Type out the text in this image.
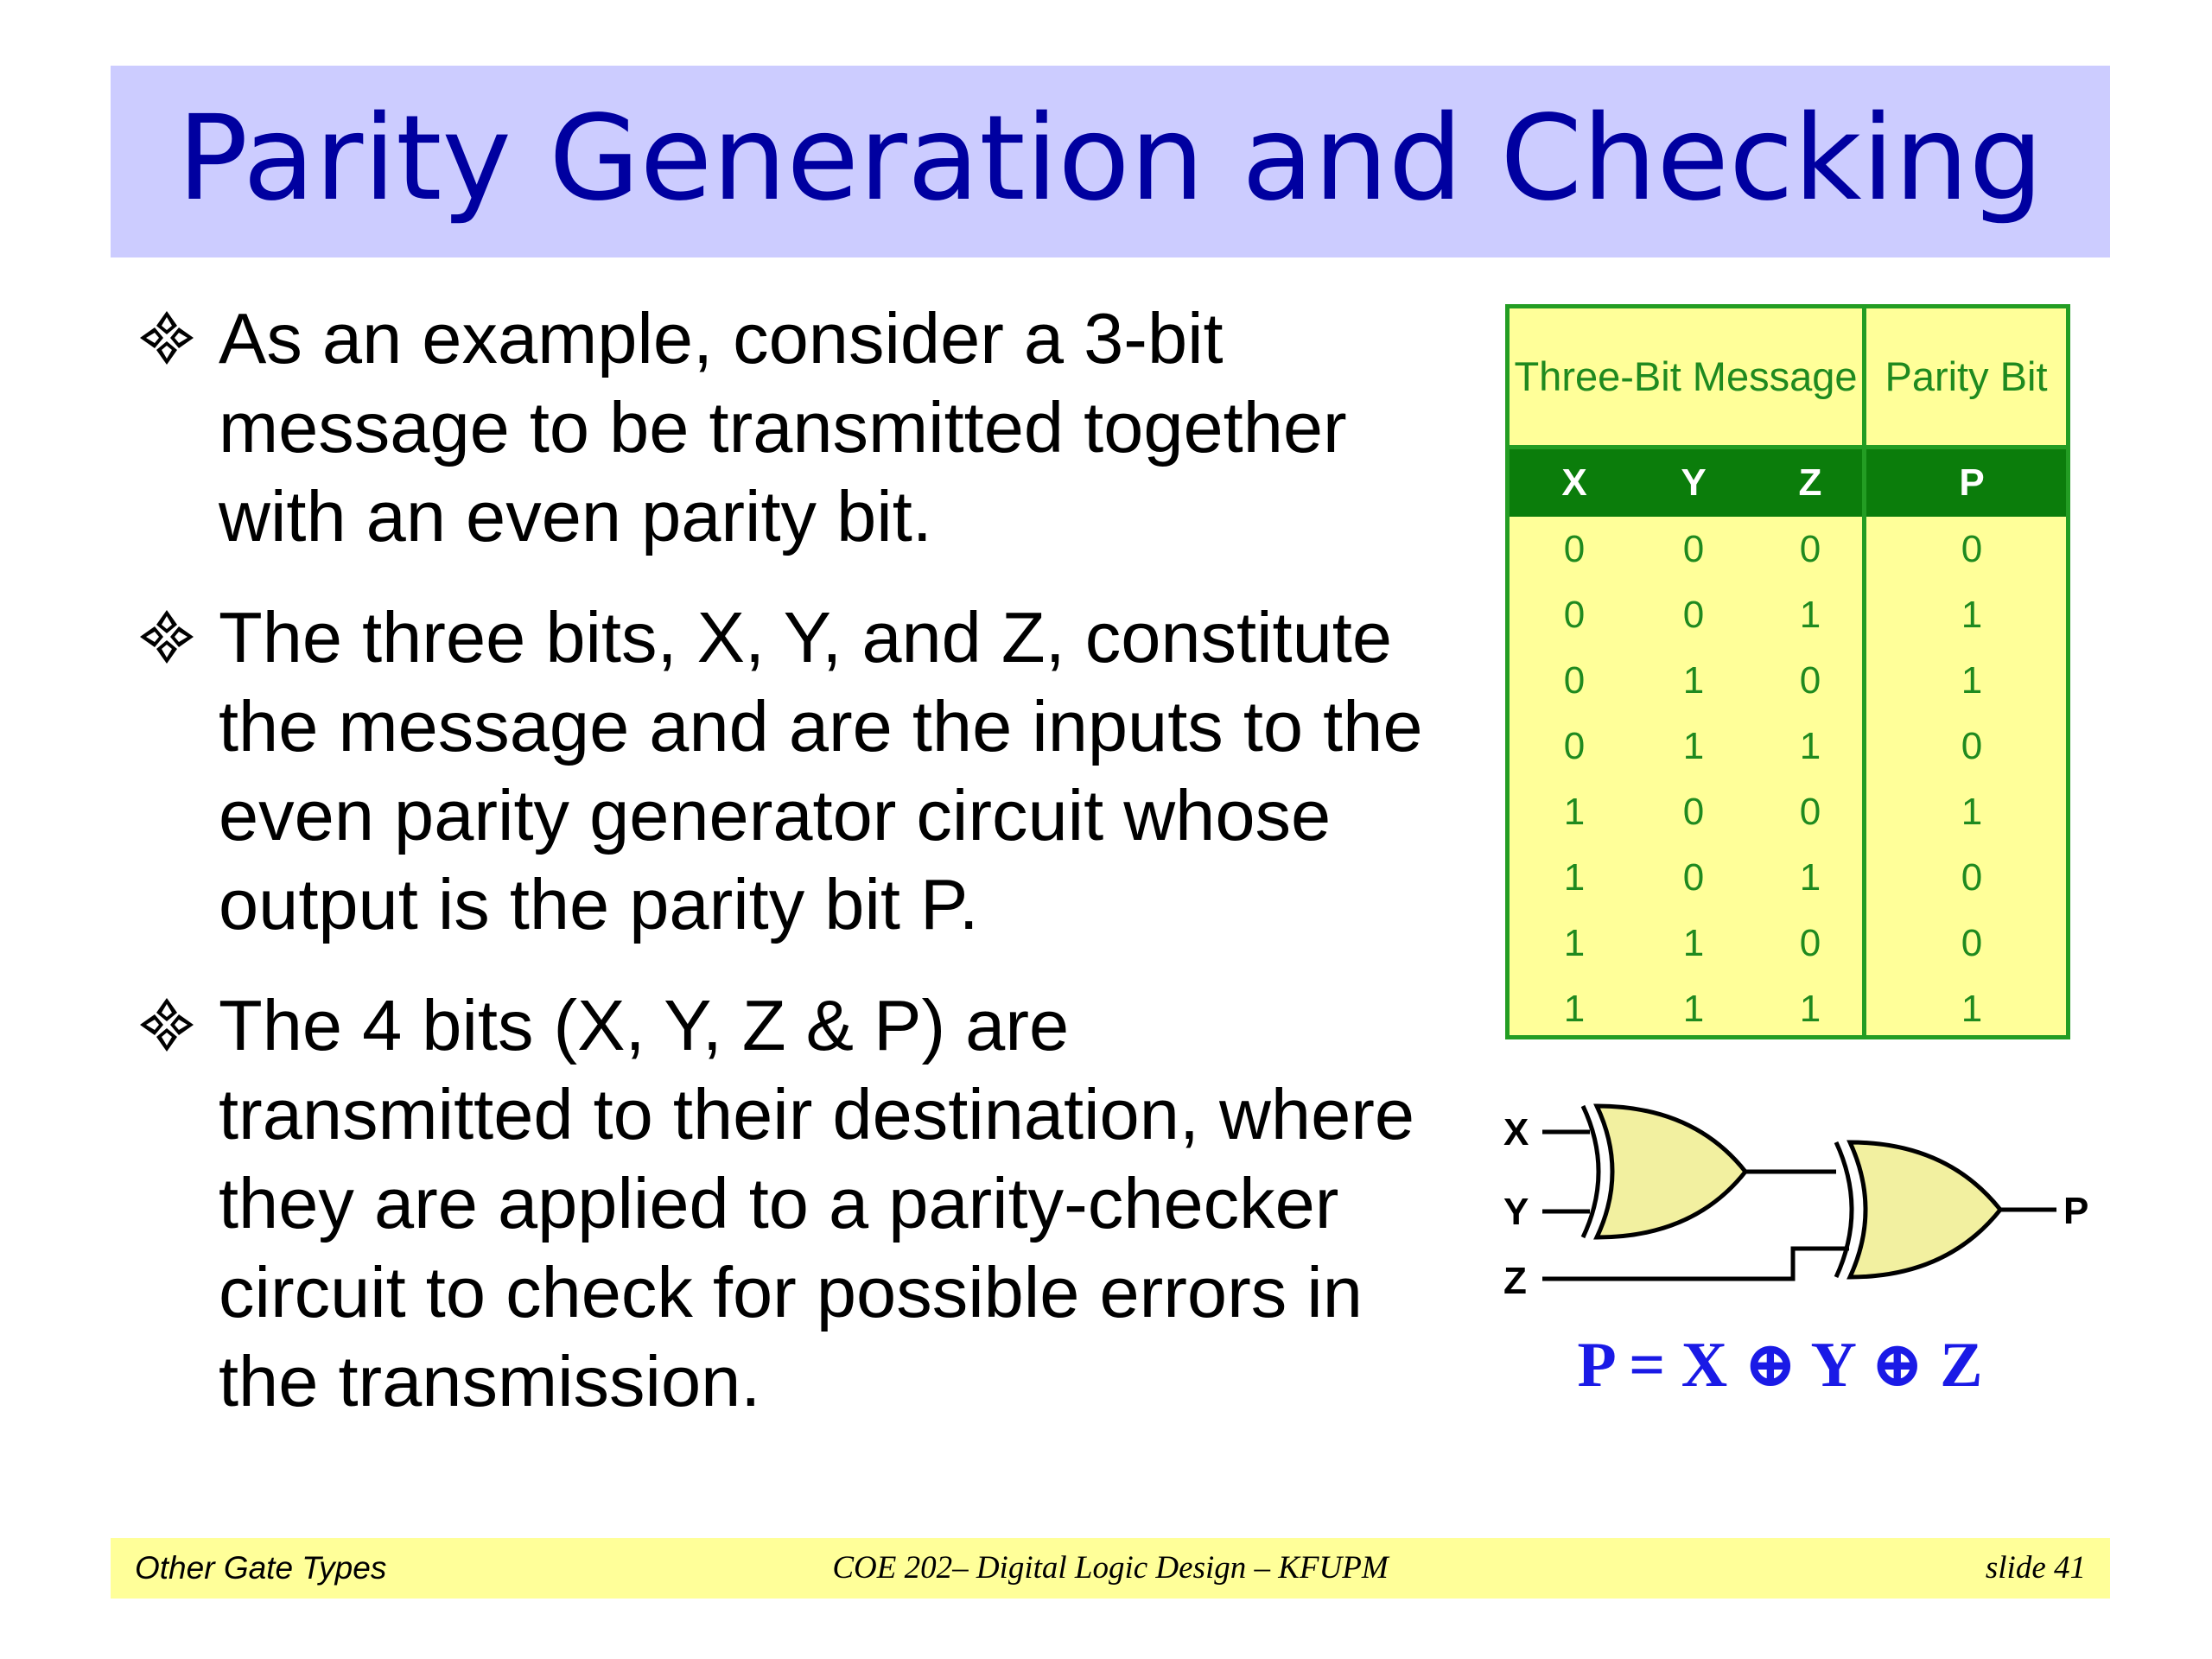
Parity Generation and Checking
As an example, consider a 3-bit message to be transmitted together with an even parity bit.
The three bits, X, Y, and Z, constitute the message and are the inputs to the even parity generator circuit whose output is the parity bit P.
The 4 bits (X, Y, Z & P) are transmitted to their destination, where they are applied to a parity-checker circuit to check for possible errors in the transmission.
Three-Bit Message Parity Bit
X	Y	Z	P
0	0	0	0
0	0	1	1
0	1	0	1
0	1	1	0
1	0	0	1
1	0	1	0
1	1	0	0
1	1	1	1
X
Y
Z
P
P = X ⊕ Y ⊕ Z
Other Gate Types	COE 202– Digital Logic Design – KFUPM	slide 41
